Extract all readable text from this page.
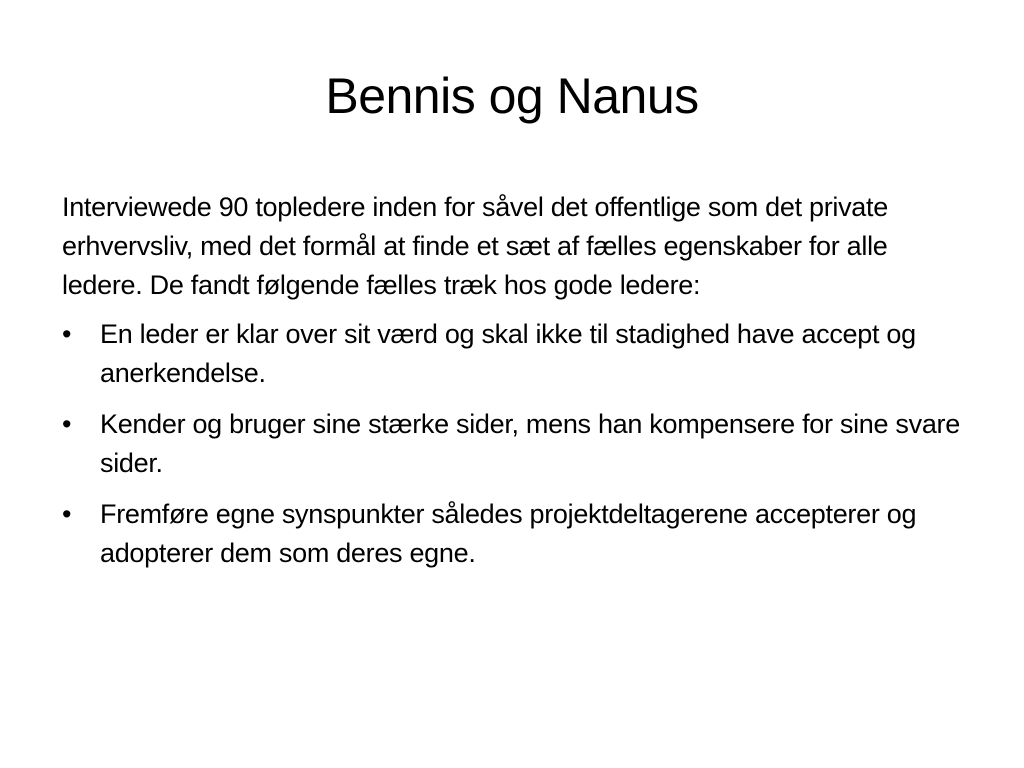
Bennis og Nanus

Interviewede 90 topledere inden for såvel det offentlige som det private erhvervsliv, med det formål at finde et sæt af fælles egenskaber for alle ledere. De fandt følgende fælles træk hos gode ledere:

•	En leder er klar over sit værd og skal ikke til stadighed have accept og anerkendelse.
•	Kender og bruger sine stærke sider, mens han kompensere for sine svare sider.
•	Fremføre egne synspunkter således projektdeltagerene accepterer og adopterer dem som deres egne.
